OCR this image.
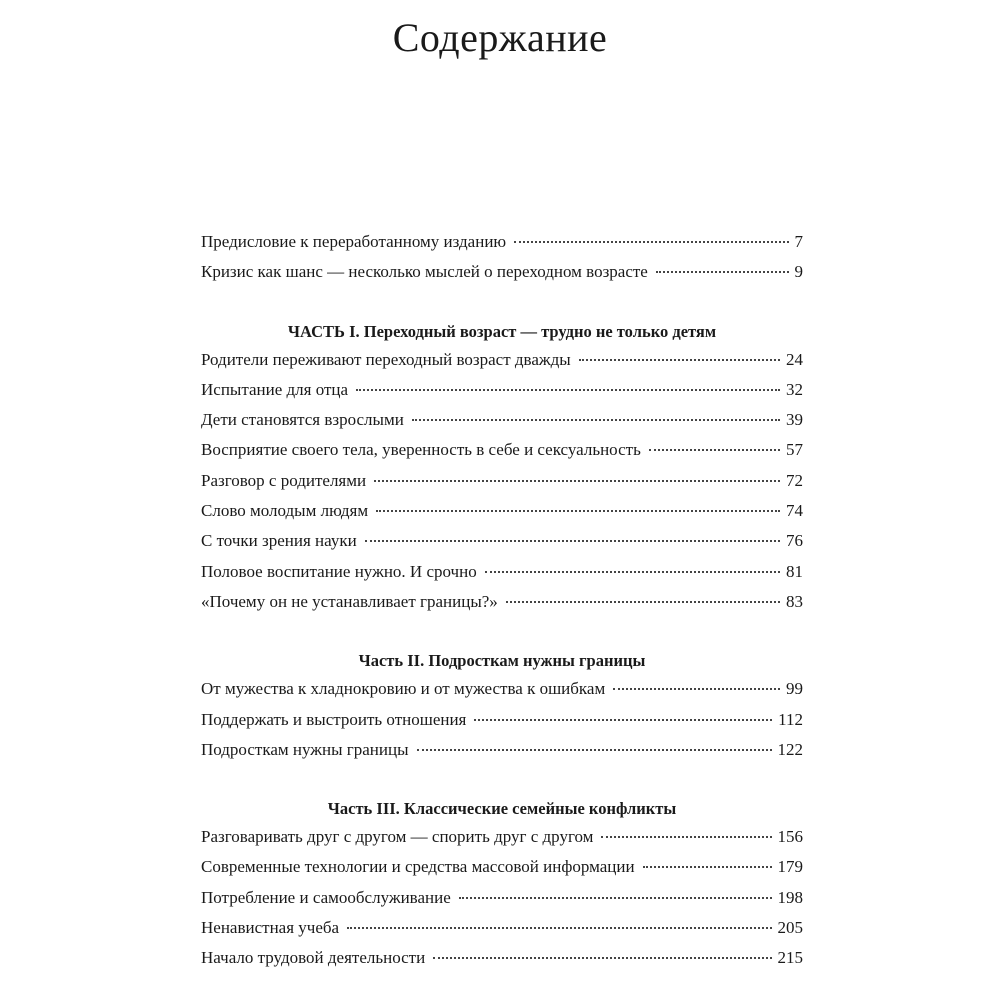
Содержание
Предисловие к переработанному изданию	7
Кризис как шанс — несколько мыслей о переходном возрасте	9
ЧАСТЬ I. Переходный возраст — трудно не только детям
Родители переживают переходный возраст дважды	24
Испытание для отца	32
Дети становятся взрослыми	39
Восприятие своего тела, уверенность в себе и сексуальность	57
Разговор с родителями	72
Слово молодым людям	74
С точки зрения науки	76
Половое воспитание нужно. И срочно	81
«Почему он не устанавливает границы?»	83
Часть II. Подросткам нужны границы
От мужества к хладнокровию и от мужества к ошибкам	99
Поддержать и выстроить отношения	112
Подросткам нужны границы	122
Часть III. Классические семейные конфликты
Разговаривать друг с другом — спорить друг с другом	156
Современные технологии и средства массовой информации	179
Потребление и самообслуживание	198
Ненавистная учеба	205
Начало трудовой деятельности	215
